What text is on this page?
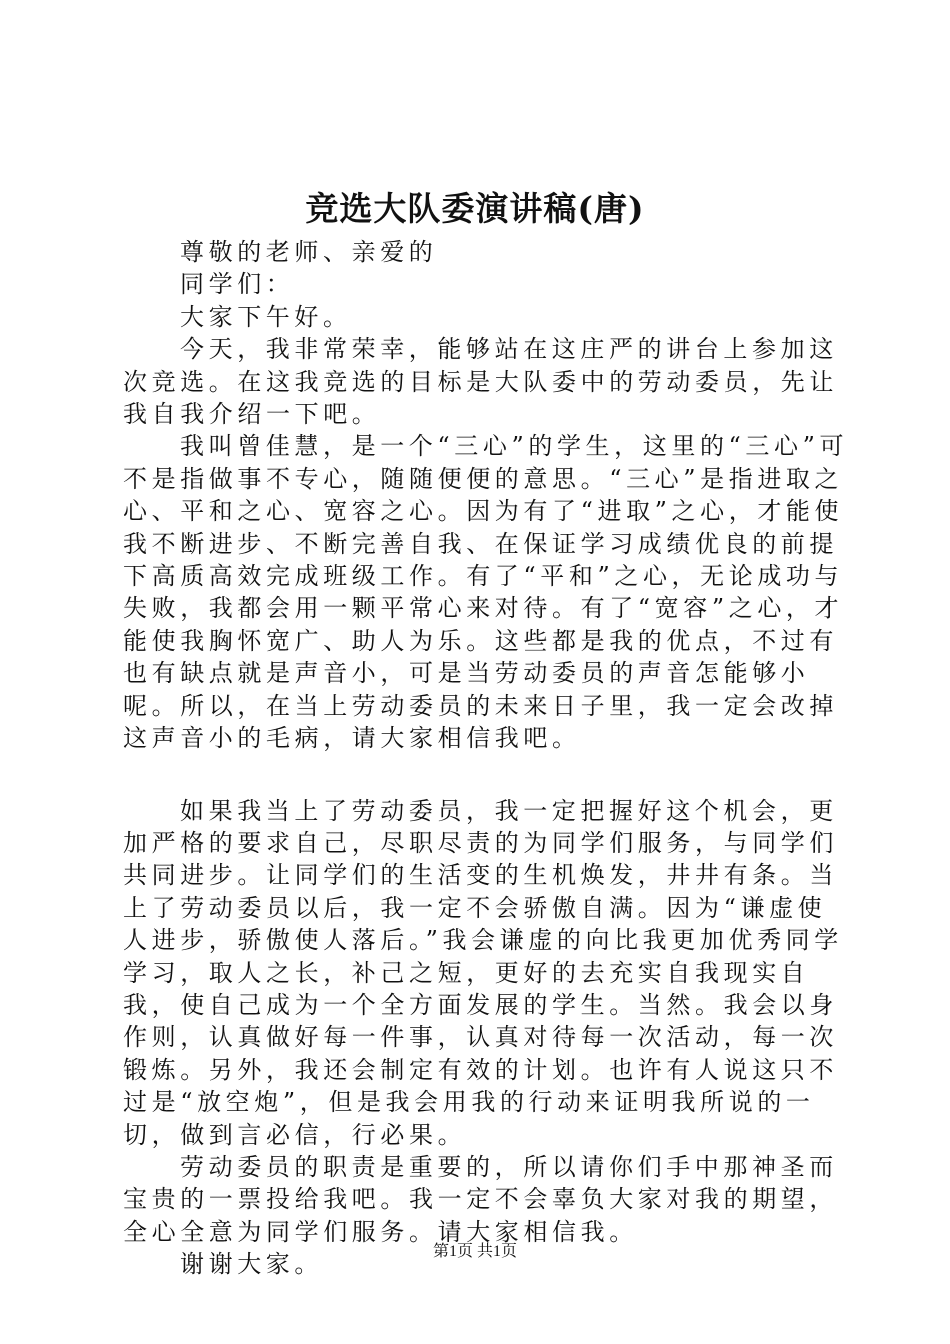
竞选大队委演讲稿(唐)

尊敬的老师、亲爱的

同学们：

大家下午好。

今天，我非常荣幸，能够站在这庄严的讲台上参加这次竞选。在这我竞选的目标是大队委中的劳动委员，先让我自我介绍一下吧。

我叫曾佳慧，是一个“三心”的学生，这里的“三心”可不是指做事不专心，随随便便的意思。“三心”是指进取之心、平和之心、宽容之心。因为有了“进取”之心，才能使我不断进步、不断完善自我、在保证学习成绩优良的前提下高质高效完成班级工作。有了“平和”之心，无论成功与失败，我都会用一颗平常心来对待。有了“宽容”之心，才能使我胸怀宽广、助人为乐。这些都是我的优点，不过有也有缺点就是声音小，可是当劳动委员的声音怎能够小呢。所以，在当上劳动委员的未来日子里，我一定会改掉这声音小的毛病，请大家相信我吧。

如果我当上了劳动委员，我一定把握好这个机会，更加严格的要求自己，尽职尽责的为同学们服务，与同学们共同进步。让同学们的生活变的生机焕发，井井有条。当上了劳动委员以后，我一定不会骄傲自满。因为“谦虚使人进步，骄傲使人落后。”我会谦虚的向比我更加优秀同学学习，取人之长，补己之短，更好的去充实自我现实自我，使自己成为一个全方面发展的学生。当然。我会以身作则，认真做好每一件事，认真对待每一次活动，每一次锻炼。另外，我还会制定有效的计划。也许有人说这只不过是“放空炮”，但是我会用我的行动来证明我所说的一切，做到言必信，行必果。

劳动委员的职责是重要的，所以请你们手中那神圣而宝贵的一票投给我吧。我一定不会辜负大家对我的期望，全心全意为同学们服务。请大家相信我。

谢谢大家。	第1页 共1页
